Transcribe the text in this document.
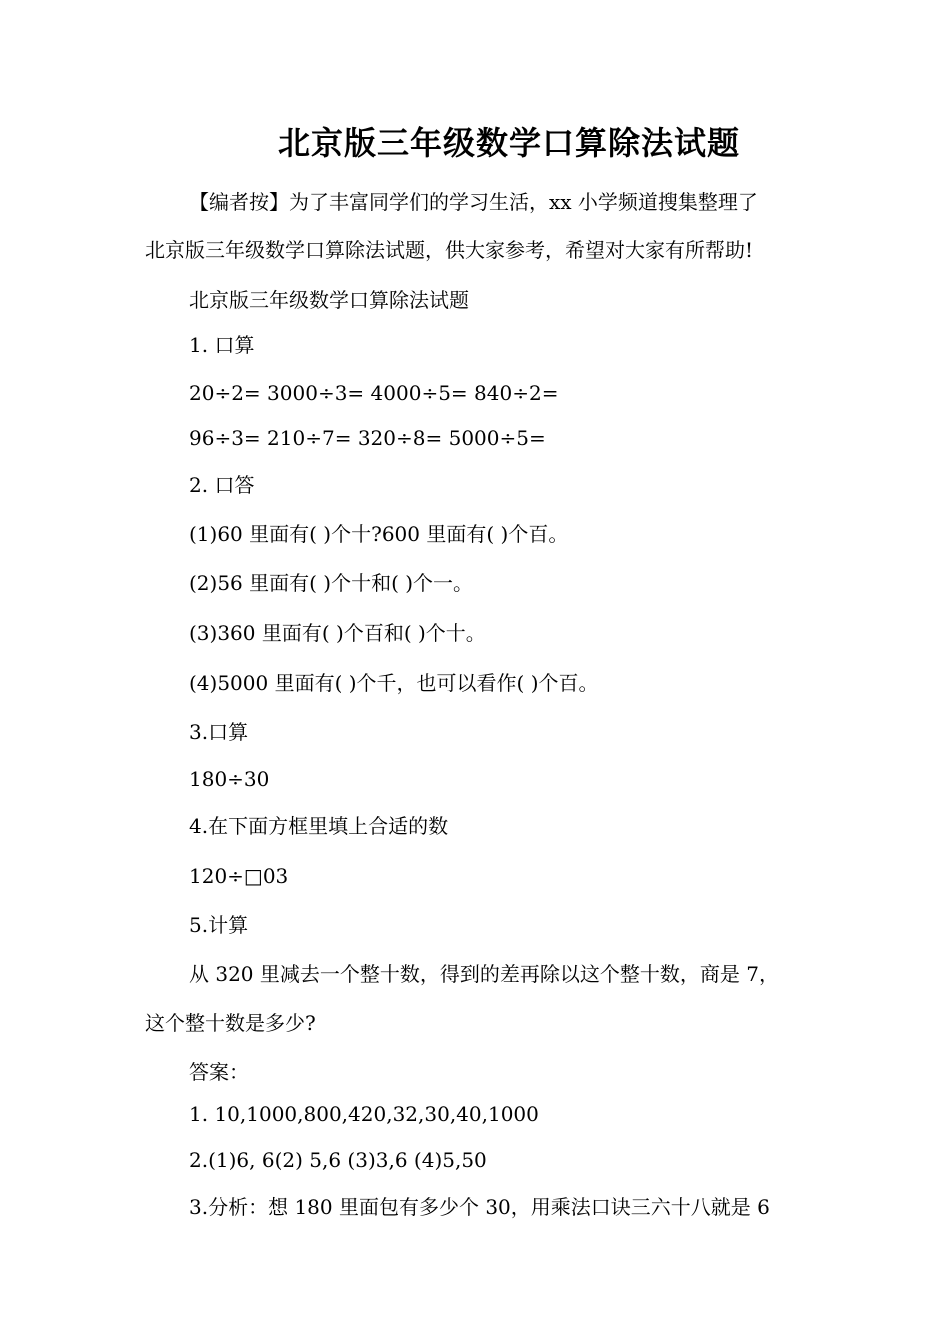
北京版三年级数学口算除法试题
【编者按】为了丰富同学们的学习生活，xx 小学频道搜集整理了
北京版三年级数学口算除法试题，供大家参考，希望对大家有所帮助!
北京版三年级数学口算除法试题
1. 口算
20÷2= 3000÷3= 4000÷5= 840÷2=
96÷3= 210÷7= 320÷8= 5000÷5=
2. 口答
(1)60 里面有( )个十?600 里面有( )个百。
(2)56 里面有( )个十和( )个一。
(3)360 里面有( )个百和( )个十。
(4)5000 里面有( )个千，也可以看作( )个百。
3.口算
180÷30
4.在下面方框里填上合适的数
120÷□03
5.计算
从 320 里减去一个整十数，得到的差再除以这个整十数，商是 7，
这个整十数是多少?
答案：
1. 10,1000,800,420,32,30,40,1000
2.(1)6, 6(2) 5,6 (3)3,6 (4)5,50
3.分析：想 180 里面包有多少个 30，用乘法口诀三六十八就是 6
